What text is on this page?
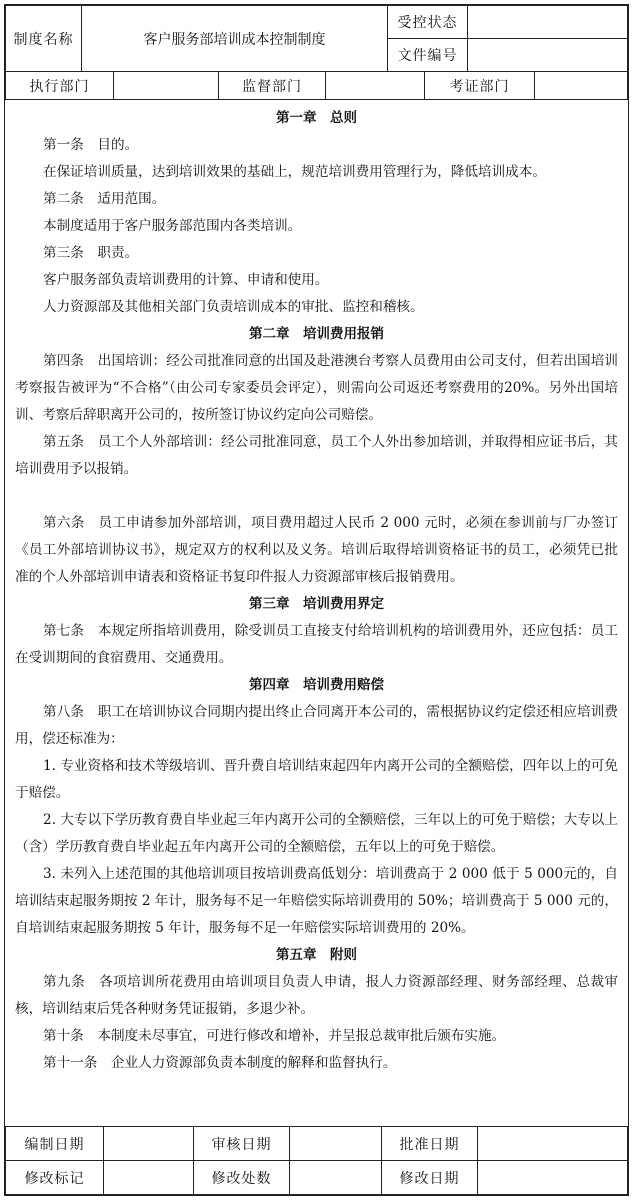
制度名称	客户服务部培训成本控制制度	受控状态	
		文件编号	
执行部门		监督部门		考证部门	
第一章　总则

第一条　目的。

在保证培训质量，达到培训效果的基础上，规范培训费用管理行为，降低培训成本。

第二条　适用范围。

本制度适用于客户服务部范围内各类培训。

第三条　职责。

客户服务部负责培训费用的计算、申请和使用。

人力资源部及其他相关部门负责培训成本的审批、监控和稽核。

第二章　培训费用报销

第四条　出国培训：经公司批准同意的出国及赴港澳台考察人员费用由公司支付，但若出国培训考察报告被评为“不合格”（由公司专家委员会评定），则需向公司返还考察费用的20%。另外出国培训、考察后辞职离开公司的，按所签订协议约定向公司赔偿。

第五条　员工个人外部培训：经公司批准同意，员工个人外出参加培训，并取得相应证书后，其培训费用予以报销。

第六条　员工申请参加外部培训，项目费用超过人民币 2 000 元时，必须在参训前与厂办签订《员工外部培训协议书》，规定双方的权利以及义务。培训后取得培训资格证书的员工，必须凭已批准的个人外部培训申请表和资格证书复印件报人力资源部审核后报销费用。

第三章　培训费用界定

第七条　本规定所指培训费用，除受训员工直接支付给培训机构的培训费用外，还应包括：员工在受训期间的食宿费用、交通费用。

第四章　培训费用赔偿

第八条　职工在培训协议合同期内提出终止合同离开本公司的，需根据协议约定偿还相应培训费用，偿还标准为：

1. 专业资格和技术等级培训、晋升费自培训结束起四年内离开公司的全额赔偿，四年以上的可免于赔偿。

2. 大专以下学历教育费自毕业起三年内离开公司的全额赔偿，三年以上的可免于赔偿；大专以上（含）学历教育费自毕业起五年内离开公司的全额赔偿，五年以上的可免于赔偿。

3. 未列入上述范围的其他培训项目按培训费高低划分：培训费高于 2 000 低于 5 000元的，自培训结束起服务期按 2 年计，服务每不足一年赔偿实际培训费用的 50%；培训费高于 5 000 元的，自培训结束起服务期按 5 年计，服务每不足一年赔偿实际培训费用的 20%。

第五章　附则

第九条　各项培训所花费用由培训项目负责人申请，报人力资源部经理、财务部经理、总裁审核，培训结束后凭各种财务凭证报销，多退少补。

第十条　本制度未尽事宜，可进行修改和增补，并呈报总裁审批后颁布实施。

第十一条　企业人力资源部负责本制度的解释和监督执行。

编制日期		审核日期		批准日期	
修改标记		修改处数		修改日期	
